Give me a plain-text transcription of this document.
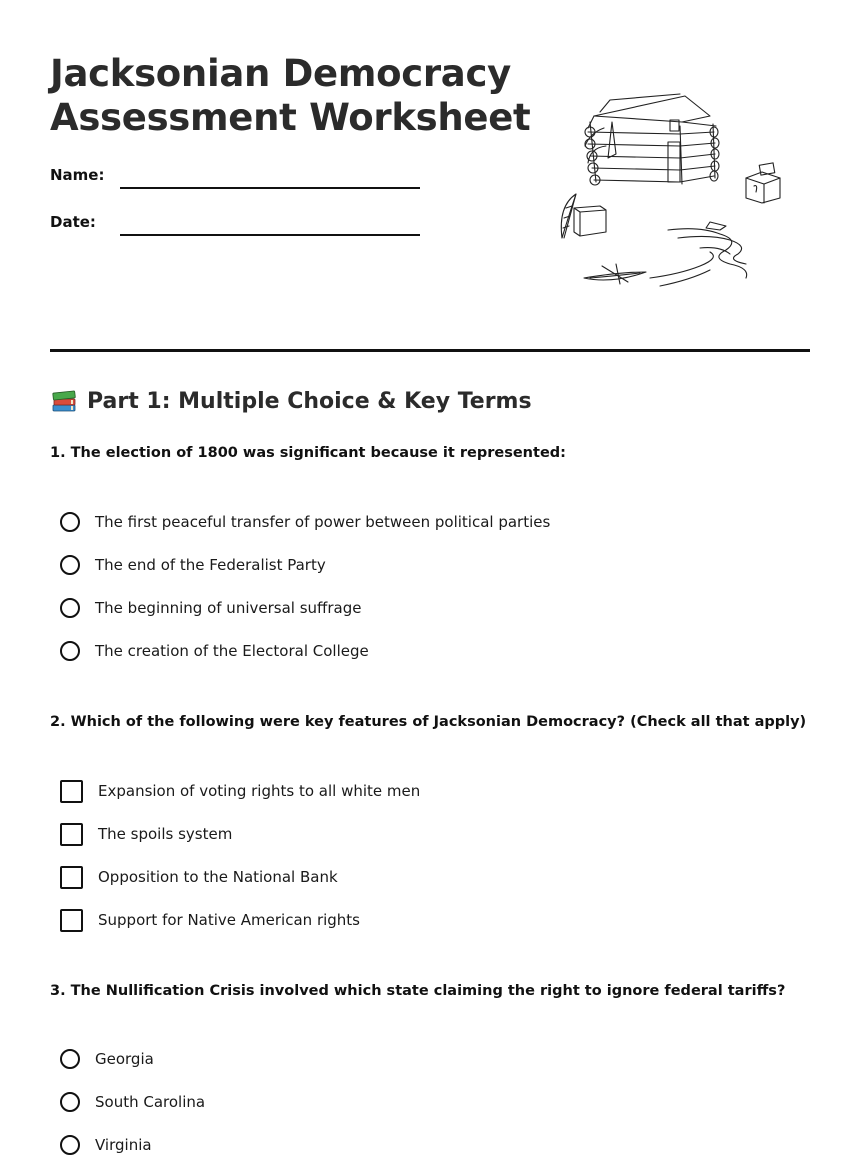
Jacksonian Democracy
Assessment Worksheet
Name:
Date:
Part 1: Multiple Choice & Key Terms
1. The election of 1800 was significant because it represented:
The first peaceful transfer of power between political parties
The end of the Federalist Party
The beginning of universal suffrage
The creation of the Electoral College
2. Which of the following were key features of Jacksonian Democracy? (Check all that apply)
Expansion of voting rights to all white men
The spoils system
Opposition to the National Bank
Support for Native American rights
3. The Nullification Crisis involved which state claiming the right to ignore federal tariffs?
Georgia
South Carolina
Virginia
